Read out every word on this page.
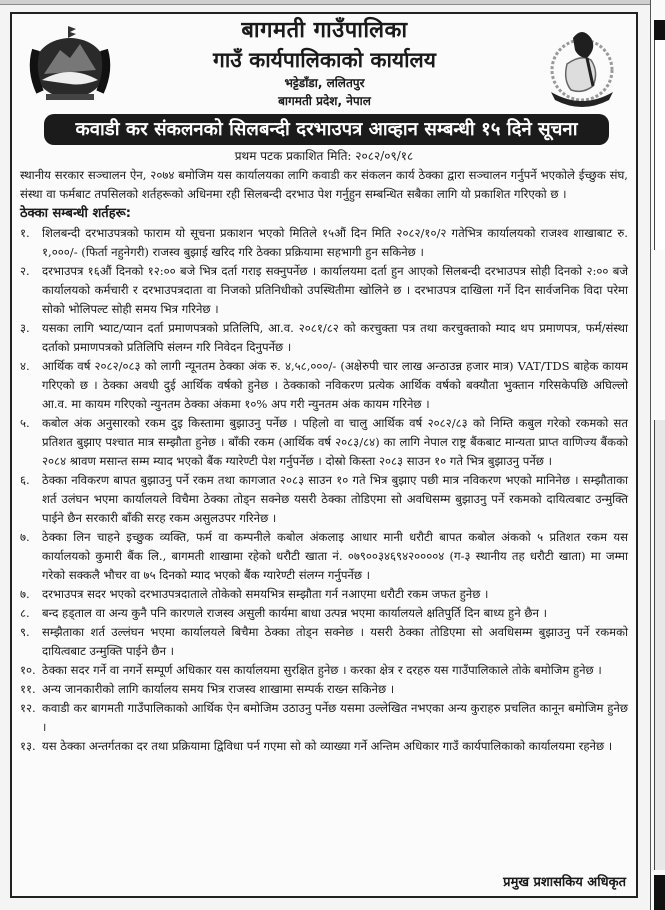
बागमती गाउँपालिका
गाउँ कार्यपालिकाको कार्यालय
भट्टेडाँडा, ललितपुर
बागमती प्रदेश, नेपाल
कवाडी कर संकलनको सिलबन्दी दरभाउपत्र आव्हान सम्बन्धी १५ दिने सूचना
प्रथम पटक प्रकाशित मिति: २०८२/०९/१८

स्थानीय सरकार सञ्चालन ऐन, २०७४ बमोजिम यस कार्यालयका लागि कवाडी कर संकलन कार्य ठेक्का द्वारा सञ्चालन गर्नुपर्ने भएकोले ईच्छुक संघ, संस्था वा फर्मबाट तपसिलको शर्तहरूको अधिनमा रही सिलबन्दी दरभाउ पेश गर्नुहुन सम्बन्धित सबैका लागि यो प्रकाशित गरिएको छ ।

ठेक्का सम्बन्धी शर्तहरू:

१.	शिलबन्दी दरभाउपत्रको फाराम यो सूचना प्रकाशन भएको मितिले १५औं दिन मिति २०८२/१०/२ गतेभित्र कार्यालयको राजश्व शाखाबाट रु. १,०००/- (फिर्ता नहुनेगरी) राजस्व बुझाई खरिद गरि ठेक्का प्रक्रियामा सहभागी हुन सकिनेछ ।
२.	दरभाउपत्र १६औं दिनको १२:०० बजे भित्र दर्ता गराइ सक्नुपर्नेछ । कार्यालयमा दर्ता हुन आएको सिलबन्दी दरभाउपत्र सोही दिनको २:०० बजे कार्यालयको कर्मचारी र दरभाउपत्रदाता वा निजको प्रतिनिधीको उपस्थितीमा खोलिने छ । दरभाउपत्र दाखिला गर्ने दिन सार्वजनिक विदा परेमा सोको भोलिपल्ट सोही समय भित्र गरिनेछ ।
३.	यसका लागि भ्याट/प्यान दर्ता प्रमाणपत्रको प्रतिलिपि, आ.व. २०८१/८२ को करचुक्ता पत्र तथा करचुक्ताको म्याद थप प्रमाणपत्र, फर्म/संस्था दर्ताको प्रमाणपत्रको प्रतिलिपि संलग्न गरि निवेदन दिनुपर्नेछ ।
४.	आर्थिक वर्ष २०८२/०८३ को लागी न्यूनतम ठेक्का अंक रु. ४,५८,०००/- (अक्षेरुपी चार लाख अन्ठाउन्न हजार मात्र) VAT/TDS बाहेक कायम गरिएको छ । ठेक्का अवधी दुई आर्थिक वर्षको हुनेछ । ठेक्काको नविकरण प्रत्येक आर्थिक वर्षको बक्यौता भुक्तान गरिसकेपछि अघिल्लो आ.व. मा कायम गरिएको न्युनतम ठेक्का अंकमा १०% अप गरी न्युनतम अंक कायम गरिनेछ ।
५.	कबोल अंक अनुसारको रकम दुइ किस्तामा बुझाउनु पर्नेछ । पहिलो वा चालु आर्थिक वर्ष २०८२/८३ को निम्ति कबुल गरेको रकमको सत प्रतिशत बुझाए पश्चात मात्र सम्झौता हुनेछ । बाँकी रकम (आर्थिक वर्ष २०८३/८४) का लागि नेपाल राष्ट्र बैंकबाट मान्यता प्राप्त वाणिज्य बैंकको २०८४ श्रावण मसान्त सम्म म्याद भएको बैंक ग्यारेण्टी पेश गर्नुपर्नेछ । दोस्रो किस्ता २०८३ साउन १० गते भित्र बुझाउनु पर्नेछ ।
६.	ठेक्का नविकरण बापत बुझाउनु पर्ने रकम तथा कागजात २०८३ साउन १० गते भित्र बुझाए पछी मात्र नविकरण भएको मानिनेछ । सम्झौताका शर्त उलंघन भएमा कार्यालयले विचैमा ठेक्का तोड्न सक्नेछ यसरी ठेक्का तोडिएमा सो अवधिसम्म बुझाउनु पर्ने रकमको दायित्वबाट उन्मुक्ति पाईने छैन सरकारी बाँकी सरह रकम असुलउपर गरिनेछ ।
७.	ठेक्का लिन चाहने इच्छुक व्यक्ति, फर्म वा कम्पनीले कबोल अंकलाइ आधार मानी धरौटी बापत कबोल अंकको ५ प्रतिशत रकम यस कार्यालयको कुमारी बैंक लि., बागमती शाखामा रहेको धरौटी खाता नं. ०७९००३४६९४२००००४ (ग-३ स्थानीय तह धरौटी खाता) मा जम्मा गरेको सक्कलै भौचर वा ७५ दिनको म्याद भएको बैंक ग्यारेण्टी संलग्न गर्नुपर्नेछ ।
७.	दरभाउपत्र सदर भएको दरभाउपत्रदाताले तोकेको समयभित्र सम्झौता गर्न नआएमा धरौटी रकम जफत हुनेछ ।
८.	बन्द हड्ताल वा अन्य कुनै पनि कारणले राजस्व असुली कार्यमा बाधा उत्पन्न भएमा कार्यालयले क्षतिपुर्ति दिन बाध्य हुने छैन ।
९.	सम्झैताका शर्त उल्लंघन भएमा कार्यालयले बिचैमा ठेक्का तोड्न सक्नेछ । यसरी ठेक्का तोडिएमा सो अवधिसम्म बुझाउनु पर्ने रकमको दायित्वबाट उन्मुक्ति पाईने छैन ।
१०. ठेक्का सदर गर्ने वा नगर्ने सम्पूर्ण अधिकार यस कार्यालयमा सुरक्षित हुनेछ । करका क्षेत्र र दरहरु यस गाउँपालिकाले तोके बमोजिम हुनेछ ।
११. अन्य जानकारीको लागि कार्यालय समय भित्र राजस्व शाखामा सम्पर्क राख्न सकिनेछ ।
१२. कवाडी कर बागमती गाउँपालिकाको आर्थिक ऐन बमोजिम उठाउनु पर्नेछ यसमा उल्लेखित नभएका अन्य कुराहरु प्रचलित कानून बमोजिम हुनेछ ।
१३. यस ठेक्का अन्तर्गतका दर तथा प्रक्रियामा द्विविधा पर्न गएमा सो को व्याख्या गर्ने अन्तिम अधिकार गाउँ कार्यपालिकाको कार्यालयमा रहनेछ ।
प्रमुख प्रशासकिय अधिकृत
